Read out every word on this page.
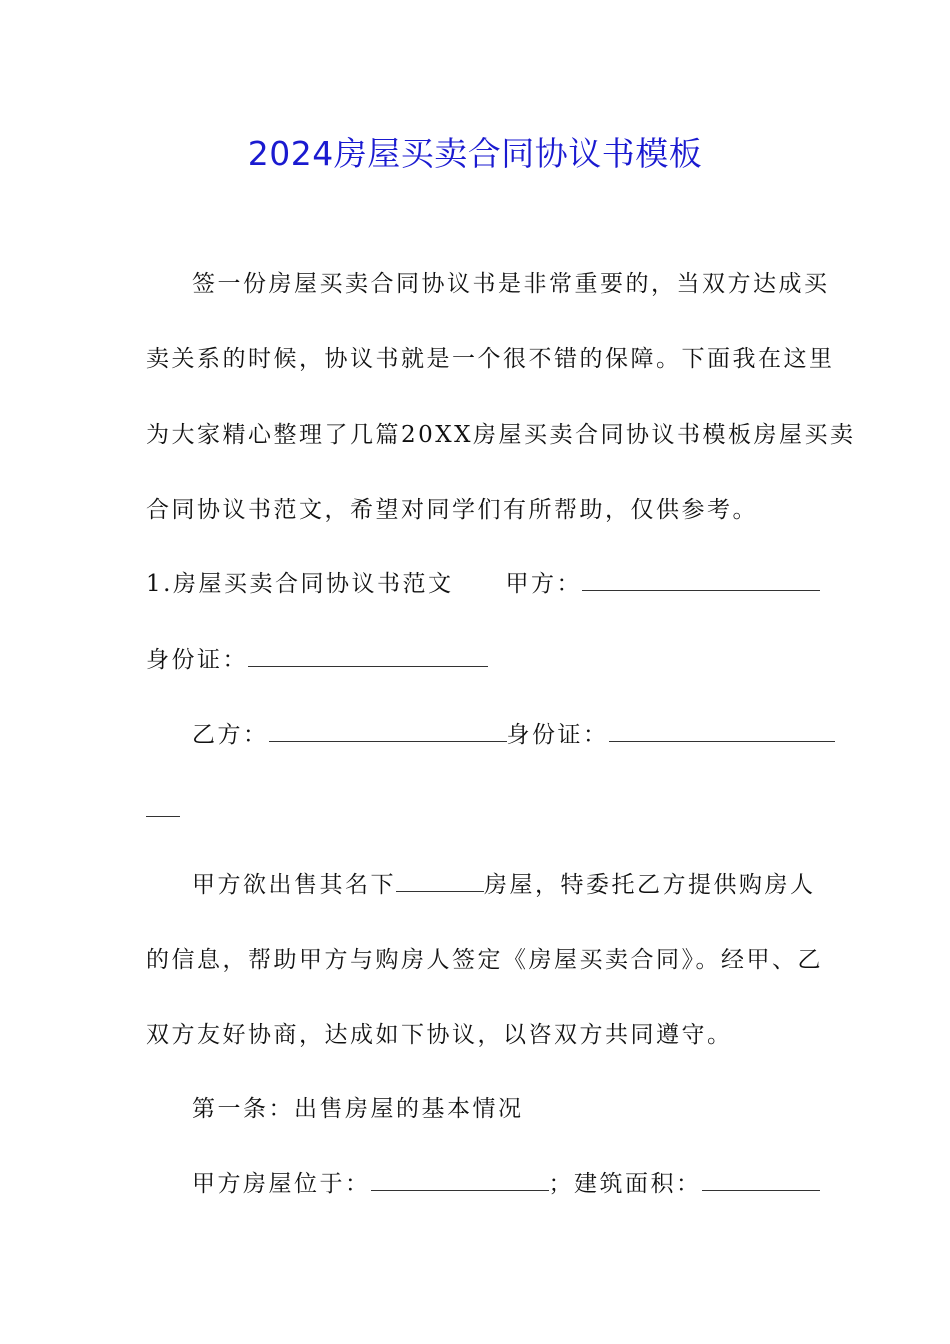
2024房屋买卖合同协议书模板
签一份房屋买卖合同协议书是非常重要的，当双方达成买
卖关系的时候，协议书就是一个很不错的保障。下面我在这里
为大家精心整理了几篇20XX房屋买卖合同协议书模板房屋买卖
合同协议书范文，希望对同学们有所帮助，仅供参考。
1.房屋买卖合同协议书范文 甲方：
身份证：
乙方：	身份证：
甲方欲出售其名下	房屋，特委托乙方提供购房人
的信息，帮助甲方与购房人签定《房屋买卖合同》。经甲、乙
双方友好协商，达成如下协议，以咨双方共同遵守。
第一条：出售房屋的基本情况
甲方房屋位于：	；建筑面积：
